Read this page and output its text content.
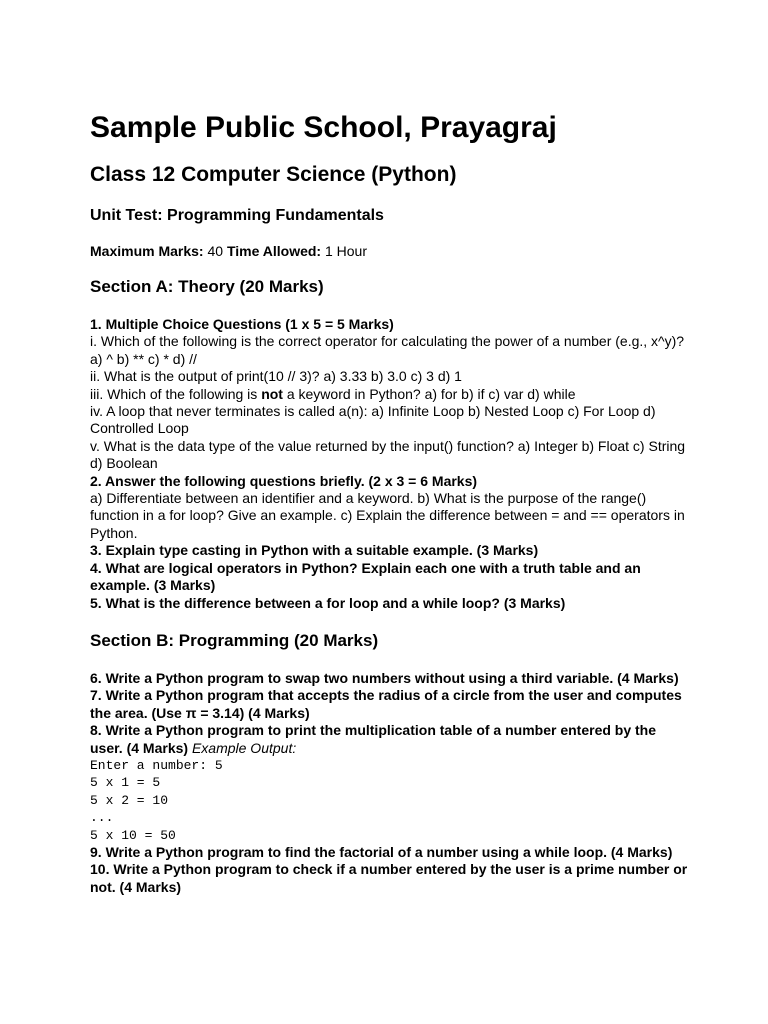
Sample Public School, Prayagraj
Class 12 Computer Science (Python)
Unit Test: Programming Fundamentals
Maximum Marks: 40 Time Allowed: 1 Hour
Section A: Theory (20 Marks)

1. Multiple Choice Questions (1 x 5 = 5 Marks)

i. Which of the following is the correct operator for calculating the power of a number (e.g., x^y)? a) ^ b) ** c) * d) //

ii. What is the output of print(10 // 3)? a) 3.33 b) 3.0 c) 3 d) 1

iii. Which of the following is not a keyword in Python? a) for b) if c) var d) while

iv. A loop that never terminates is called a(n): a) Infinite Loop b) Nested Loop c) For Loop d) Controlled Loop

v. What is the data type of the value returned by the input() function? a) Integer b) Float c) String d) Boolean

2. Answer the following questions briefly. (2 x 3 = 6 Marks)

a) Differentiate between an identifier and a keyword. b) What is the purpose of the range() function in a for loop? Give an example. c) Explain the difference between = and == operators in Python.

3. Explain type casting in Python with a suitable example. (3 Marks)

4. What are logical operators in Python? Explain each one with a truth table and an example. (3 Marks)

5. What is the difference between a for loop and a while loop? (3 Marks)

Section B: Programming (20 Marks)

6. Write a Python program to swap two numbers without using a third variable. (4 Marks)

7. Write a Python program that accepts the radius of a circle from the user and computes the area. (Use π = 3.14) (4 Marks)

8. Write a Python program to print the multiplication table of a number entered by the user. (4 Marks) Example Output:

Enter a number: 5

5 x 1 = 5

5 x 2 = 10

...

5 x 10 = 50

9. Write a Python program to find the factorial of a number using a while loop. (4 Marks)

10. Write a Python program to check if a number entered by the user is a prime number or not. (4 Marks)
